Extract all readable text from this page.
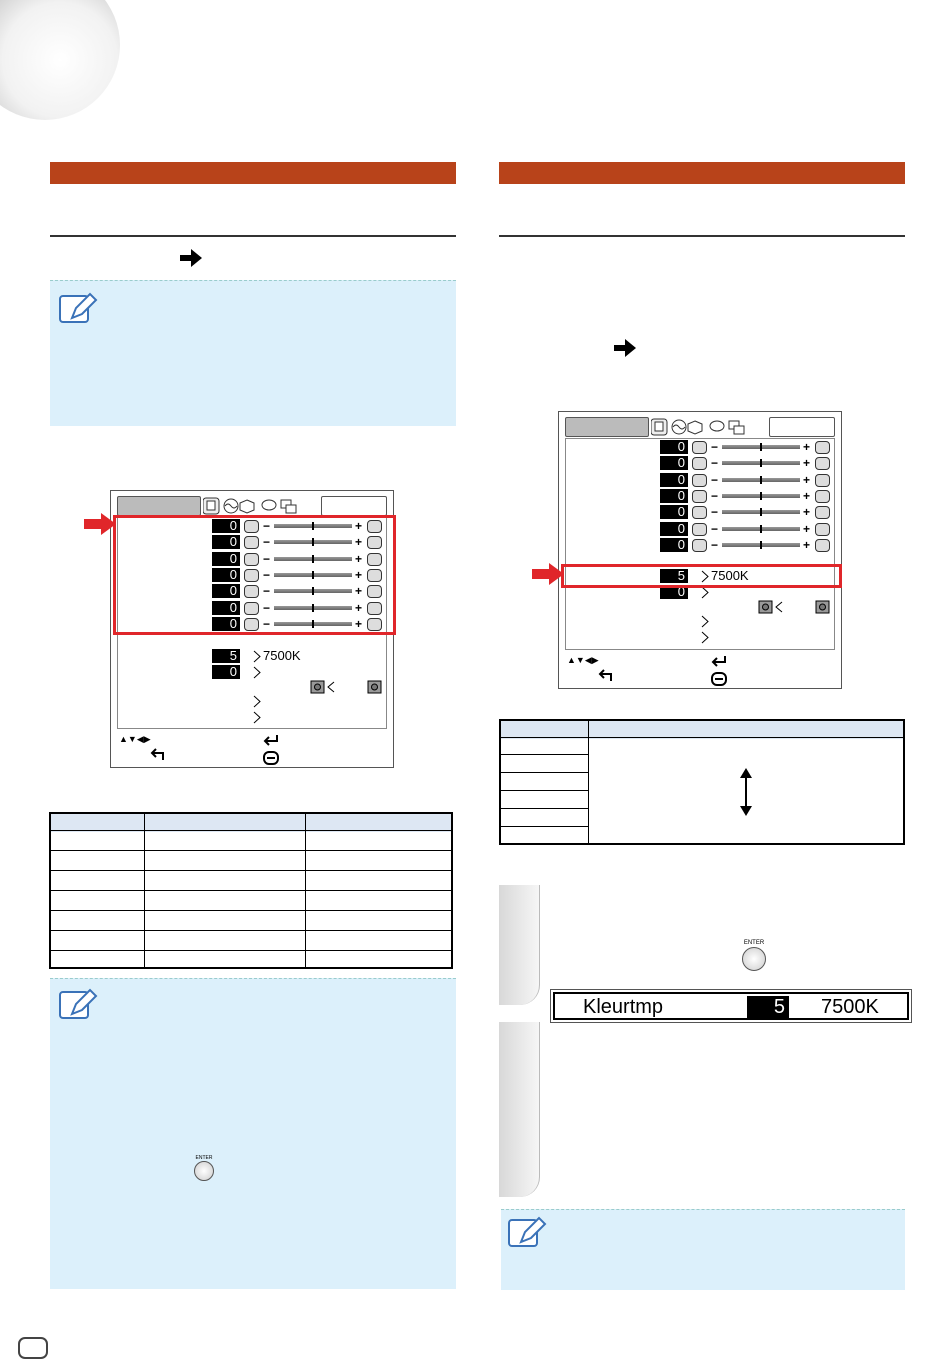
▲▼◀▶
0 −	+
0 −	+
0 −	+
0 −	+
0 −	+
0 −	+
0 −	+
5 7500K
0
ENTER
▲▼◀▶
0 −	+
0 −	+
0 −	+
0 −	+
0 −	+
0 −	+
0 −	+
5 7500K
0
ENTER
Kleurtmp	5 7500K
